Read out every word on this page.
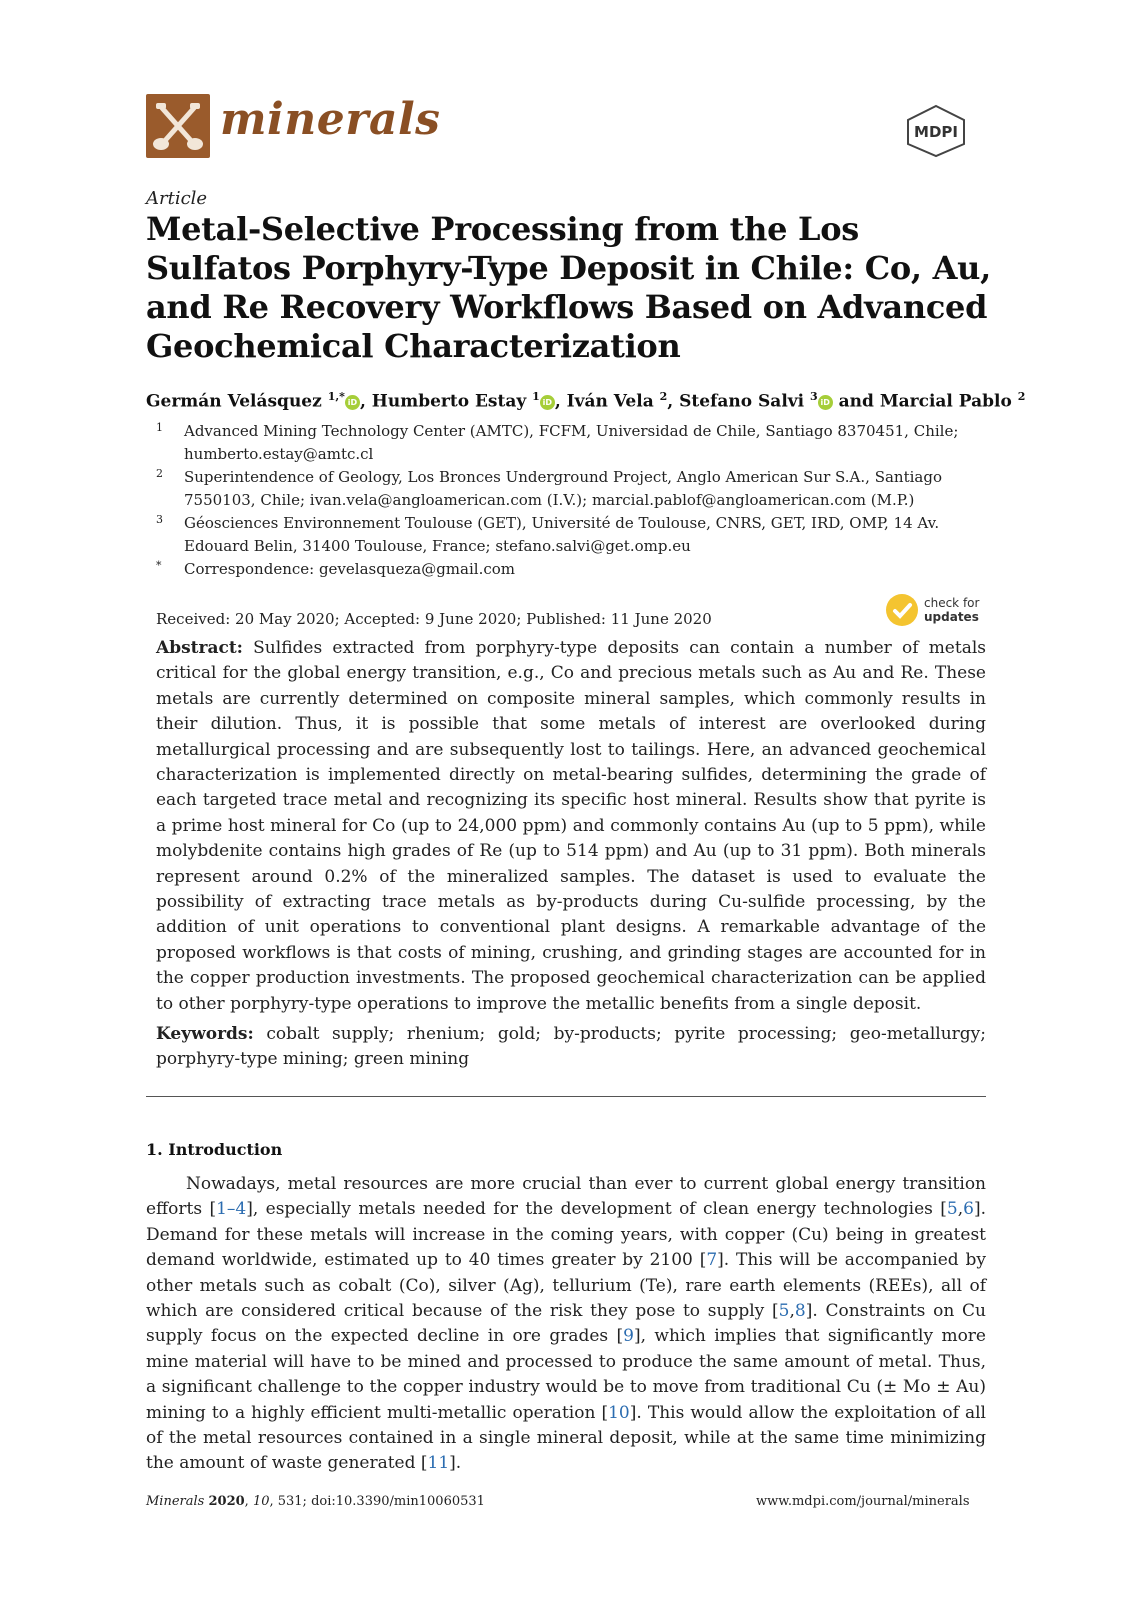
minerals	MDPI
Article
Metal-Selective Processing from the Los Sulfatos Porphyry-Type Deposit in Chile: Co, Au, and Re Recovery Workflows Based on Advanced Geochemical Characterization
Germán Velásquez $^{1,*}$ iD , Humberto Estay $^1$ iD , Iván Vela $^2$, Stefano Salvi $^3$ iD and Marcial Pablo $^2$
1 Advanced Mining Technology Center (AMTC), FCFM, Universidad de Chile, Santiago 8370451, Chile; humberto.estay@amtc.cl
2 Superintendence of Geology, Los Bronces Underground Project, Anglo American Sur S.A., Santiago 7550103, Chile; ivan.vela@angloamerican.com (I.V.); marcial.pablof@angloamerican.com (M.P.)
3 Géosciences Environnement Toulouse (GET), Université de Toulouse, CNRS, GET, IRD, OMP, 14 Av. Edouard Belin, 31400 Toulouse, France; stefano.salvi@get.omp.eu
* Correspondence: gevelasqueza@gmail.com
Received: 20 May 2020; Accepted: 9 June 2020; Published: 11 June 2020
check for
updates
Abstract: Sulfides extracted from porphyry-type deposits can contain a number of metals critical for the global energy transition, e.g., Co and precious metals such as Au and Re. These metals are currently determined on composite mineral samples, which commonly results in their dilution. Thus, it is possible that some metals of interest are overlooked during metallurgical processing and are subsequently lost to tailings. Here, an advanced geochemical characterization is implemented directly on metal-bearing sulfides, determining the grade of each targeted trace metal and recognizing its specific host mineral. Results show that pyrite is a prime host mineral for Co (up to 24,000 ppm) and commonly contains Au (up to 5 ppm), while molybdenite contains high grades of Re (up to 514 ppm) and Au (up to 31 ppm). Both minerals represent around 0.2% of the mineralized samples. The dataset is used to evaluate the possibility of extracting trace metals as by-products during Cu-sulfide processing, by the addition of unit operations to conventional plant designs. A remarkable advantage of the proposed workflows is that costs of mining, crushing, and grinding stages are accounted for in the copper production investments. The proposed geochemical characterization can be applied to other porphyry-type operations to improve the metallic benefits from a single deposit.
Keywords: cobalt supply; rhenium; gold; by-products; pyrite processing; geo-metallurgy; porphyry-type mining; green mining
1. Introduction
Nowadays, metal resources are more crucial than ever to current global energy transition efforts [1–4], especially metals needed for the development of clean energy technologies [5,6]. Demand for these metals will increase in the coming years, with copper (Cu) being in greatest demand worldwide, estimated up to 40 times greater by 2100 [7]. This will be accompanied by other metals such as cobalt (Co), silver (Ag), tellurium (Te), rare earth elements (REEs), all of which are considered critical because of the risk they pose to supply [5,8]. Constraints on Cu supply focus on the expected decline in ore grades [9], which implies that significantly more mine material will have to be mined and processed to produce the same amount of metal. Thus, a significant challenge to the copper industry would be to move from traditional Cu (± Mo ± Au) mining to a highly efficient multi-metallic operation [10]. This would allow the exploitation of all of the metal resources contained in a single mineral deposit, while at the same time minimizing the amount of waste generated [11].
Minerals 2020, 10, 531; doi:10.3390/min10060531	www.mdpi.com/journal/minerals
